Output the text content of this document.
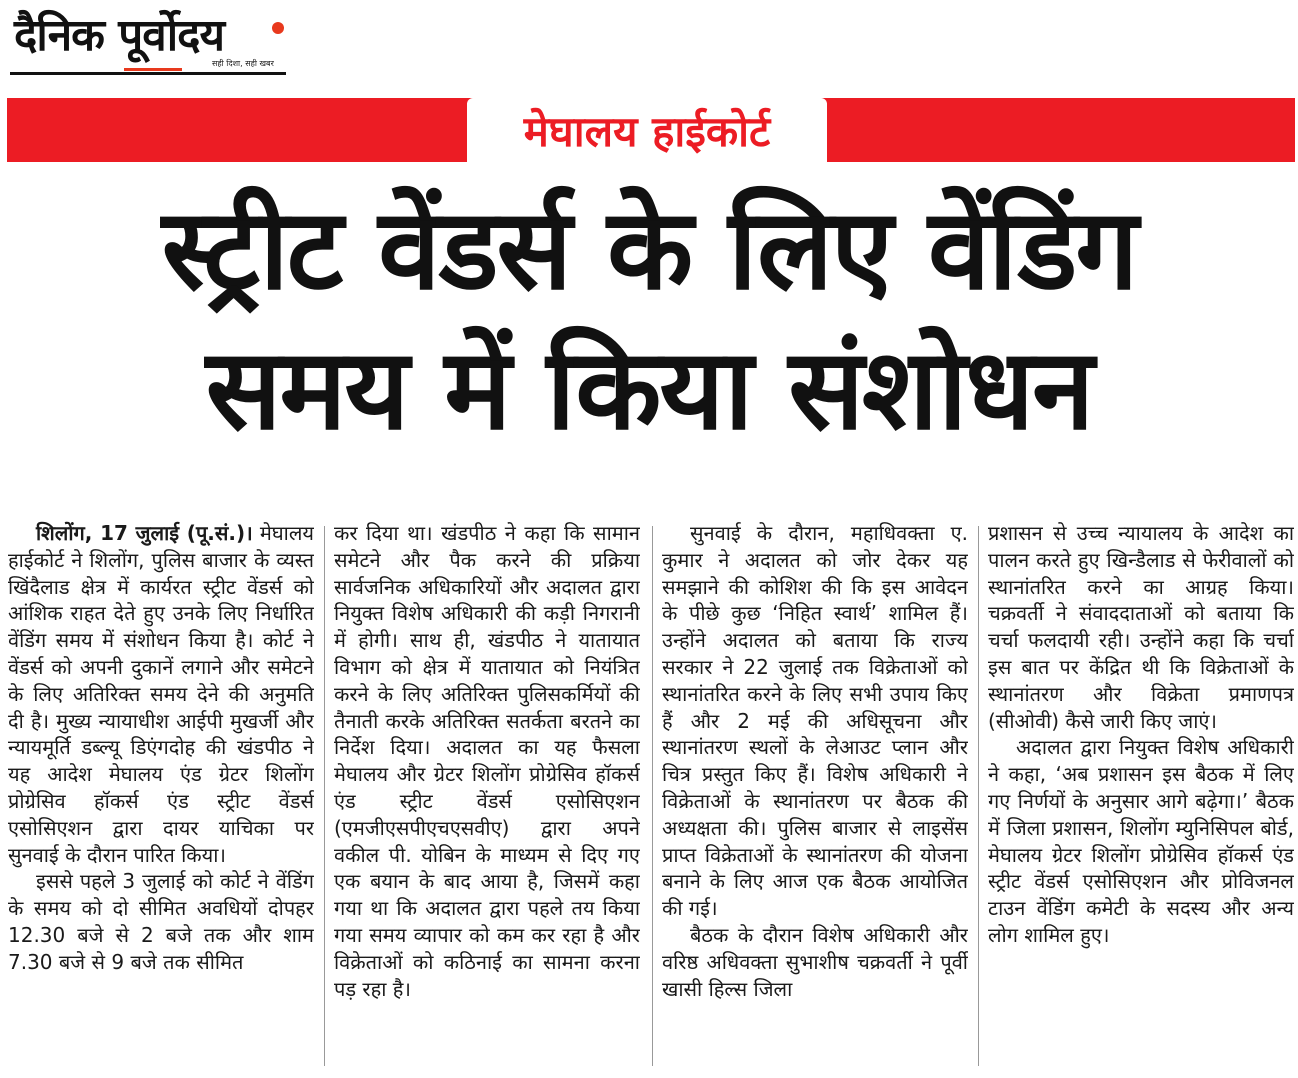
दैनिक पूर्वोदय
सही दिशा, सही खबर
मेघालय हाईकोर्ट
स्ट्रीट वेंडर्स के लिए वेंडिंग
समय में किया संशोधन

शिलोंग, 17 जुलाई (पू.सं.)। मेघालय हाईकोर्ट ने शिलोंग, पुलिस बाजार के व्यस्त खिंदैलाड क्षेत्र में कार्यरत स्ट्रीट वेंडर्स को आंशिक राहत देते हुए उनके लिए निर्धारित वेंडिंग समय में संशोधन किया है। कोर्ट ने वेंडर्स को अपनी दुकानें लगाने और समेटने के लिए अतिरिक्त समय देने की अनुमति दी है। मुख्य न्यायाधीश आईपी मुखर्जी और न्यायमूर्ति डब्ल्यू डिएंगदोह की खंडपीठ ने यह आदेश मेघालय एंड ग्रेटर शिलोंग प्रोग्रेसिव हॉकर्स एंड स्ट्रीट वेंडर्स एसोसिएशन द्वारा दायर याचिका पर सुनवाई के दौरान पारित किया।

इससे पहले 3 जुलाई को कोर्ट ने वेंडिंग के समय को दो सीमित अवधियों दोपहर 12.30 बजे से 2 बजे तक और शाम 7.30 बजे से 9 बजे तक सीमित

कर दिया था। खंडपीठ ने कहा कि सामान समेटने और पैक करने की प्रक्रिया सार्वजनिक अधिकारियों और अदालत द्वारा नियुक्त विशेष अधिकारी की कड़ी निगरानी में होगी। साथ ही, खंडपीठ ने यातायात विभाग को क्षेत्र में यातायात को नियंत्रित करने के लिए अतिरिक्त पुलिसकर्मियों की तैनाती करके अतिरिक्त सतर्कता बरतने का निर्देश दिया। अदालत का यह फैसला मेघालय और ग्रेटर शिलोंग प्रोग्रेसिव हॉकर्स एंड स्ट्रीट वेंडर्स एसोसिएशन (एमजीएसपीएचएसवीए) द्वारा अपने वकील पी. योबिन के माध्यम से दिए गए एक बयान के बाद आया है, जिसमें कहा गया था कि अदालत द्वारा पहले तय किया गया समय व्यापार को कम कर रहा है और विक्रेताओं को कठिनाई का सामना करना पड़ रहा है।

सुनवाई के दौरान, महाधिवक्ता ए. कुमार ने अदालत को जोर देकर यह समझाने की कोशिश की कि इस आवेदन के पीछे कुछ ‘निहित स्वार्थ’ शामिल हैं। उन्होंने अदालत को बताया कि राज्य सरकार ने 22 जुलाई तक विक्रेताओं को स्थानांतरित करने के लिए सभी उपाय किए हैं और 2 मई की अधिसूचना और स्थानांतरण स्थलों के लेआउट प्लान और चित्र प्रस्तुत किए हैं। विशेष अधिकारी ने विक्रेताओं के स्थानांतरण पर बैठक की अध्यक्षता की। पुलिस बाजार से लाइसेंस प्राप्त विक्रेताओं के स्थानांतरण की योजना बनाने के लिए आज एक बैठक आयोजित की गई।

बैठक के दौरान विशेष अधिकारी और वरिष्ठ अधिवक्ता सुभाशीष चक्रवर्ती ने पूर्वी खासी हिल्स जिला

प्रशासन से उच्च न्यायालय के आदेश का पालन करते हुए खिन्डैलाड से फेरीवालों को स्थानांतरित करने का आग्रह किया। चक्रवर्ती ने संवाददाताओं को बताया कि चर्चा फलदायी रही। उन्होंने कहा कि चर्चा इस बात पर केंद्रित थी कि विक्रेताओं के स्थानांतरण और विक्रेता प्रमाणपत्र (सीओवी) कैसे जारी किए जाएं।

अदालत द्वारा नियुक्त विशेष अधिकारी ने कहा, ‘अब प्रशासन इस बैठक में लिए गए निर्णयों के अनुसार आगे बढ़ेगा।’ बैठक में जिला प्रशासन, शिलोंग म्युनिसिपल बोर्ड, मेघालय ग्रेटर शिलोंग प्रोग्रेसिव हॉकर्स एंड स्ट्रीट वेंडर्स एसोसिएशन और प्रोविजनल टाउन वेंडिंग कमेटी के सदस्य और अन्य लोग शामिल हुए।
